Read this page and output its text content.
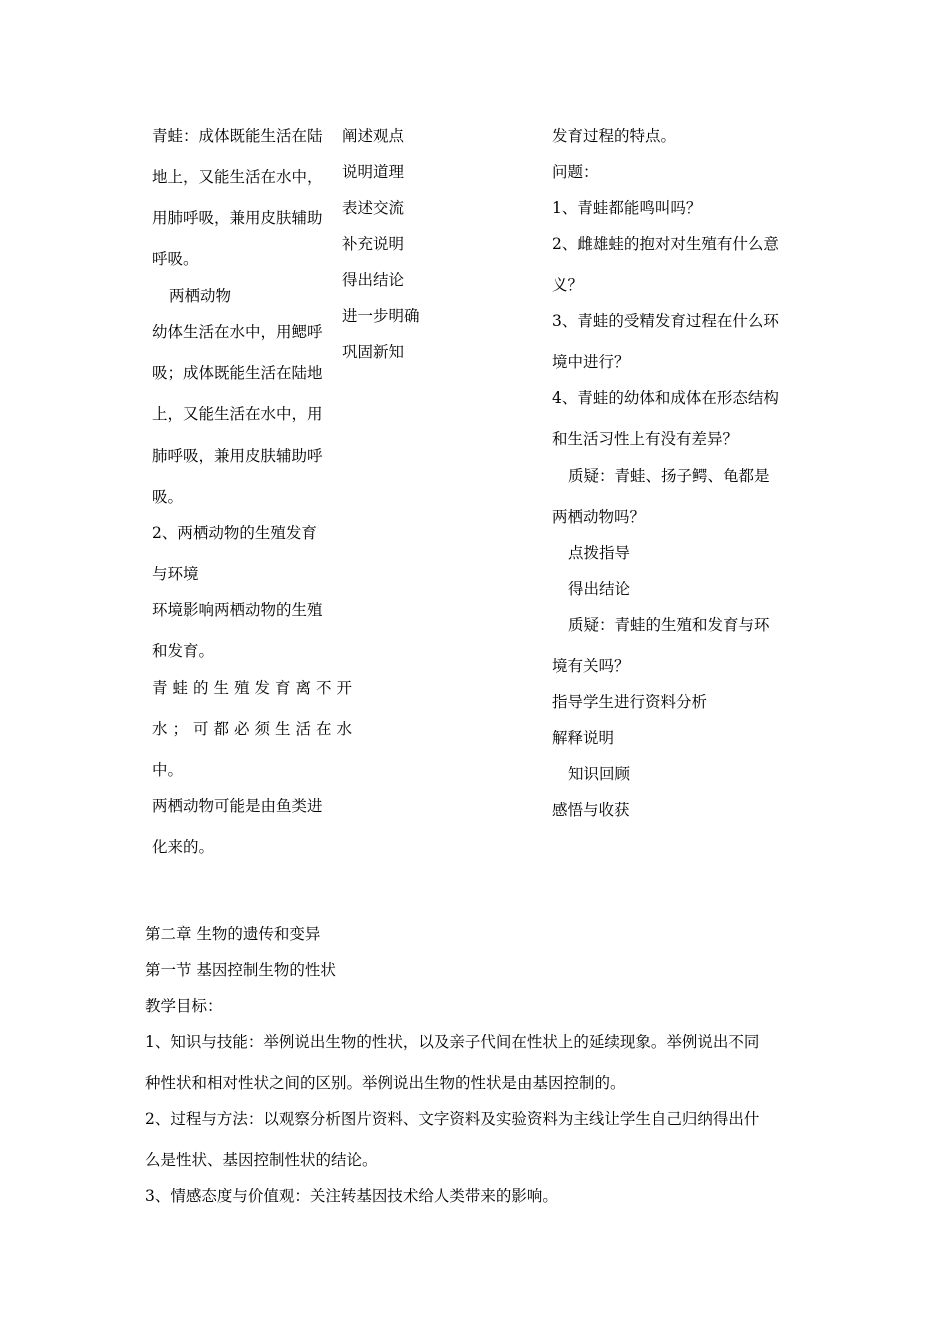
青蛙：成体既能生活在陆
地上，又能生活在水中，
用肺呼吸，兼用皮肤辅助
呼吸。
两栖动物
幼体生活在水中，用鳃呼
吸；成体既能生活在陆地
上，又能生活在水中，用
肺呼吸，兼用皮肤辅助呼
吸。
2、两栖动物的生殖发育
与环境
环境影响两栖动物的生殖
和发育。
青蛙的生殖发育离不开
水；可都必须生活在水
中。
两栖动物可能是由鱼类进
化来的。
阐述观点
说明道理
表述交流
补充说明
得出结论
进一步明确
巩固新知
发育过程的特点。
问题：
1、青蛙都能鸣叫吗？
2、雌雄蛙的抱对对生殖有什么意
义？
3、青蛙的受精发育过程在什么环
境中进行？
4、青蛙的幼体和成体在形态结构
和生活习性上有没有差异？
质疑：青蛙、扬子鳄、龟都是
两栖动物吗？
点拨指导
得出结论
质疑：青蛙的生殖和发育与环
境有关吗？
指导学生进行资料分析
解释说明
知识回顾
感悟与收获
第二章 生物的遗传和变异
第一节 基因控制生物的性状
教学目标：
1、知识与技能：举例说出生物的性状，以及亲子代间在性状上的延续现象。举例说出不同
种性状和相对性状之间的区别。举例说出生物的性状是由基因控制的。
2、过程与方法：以观察分析图片资料、文字资料及实验资料为主线让学生自己归纳得出什
么是性状、基因控制性状的结论。
3、情感态度与价值观：关注转基因技术给人类带来的影响。
